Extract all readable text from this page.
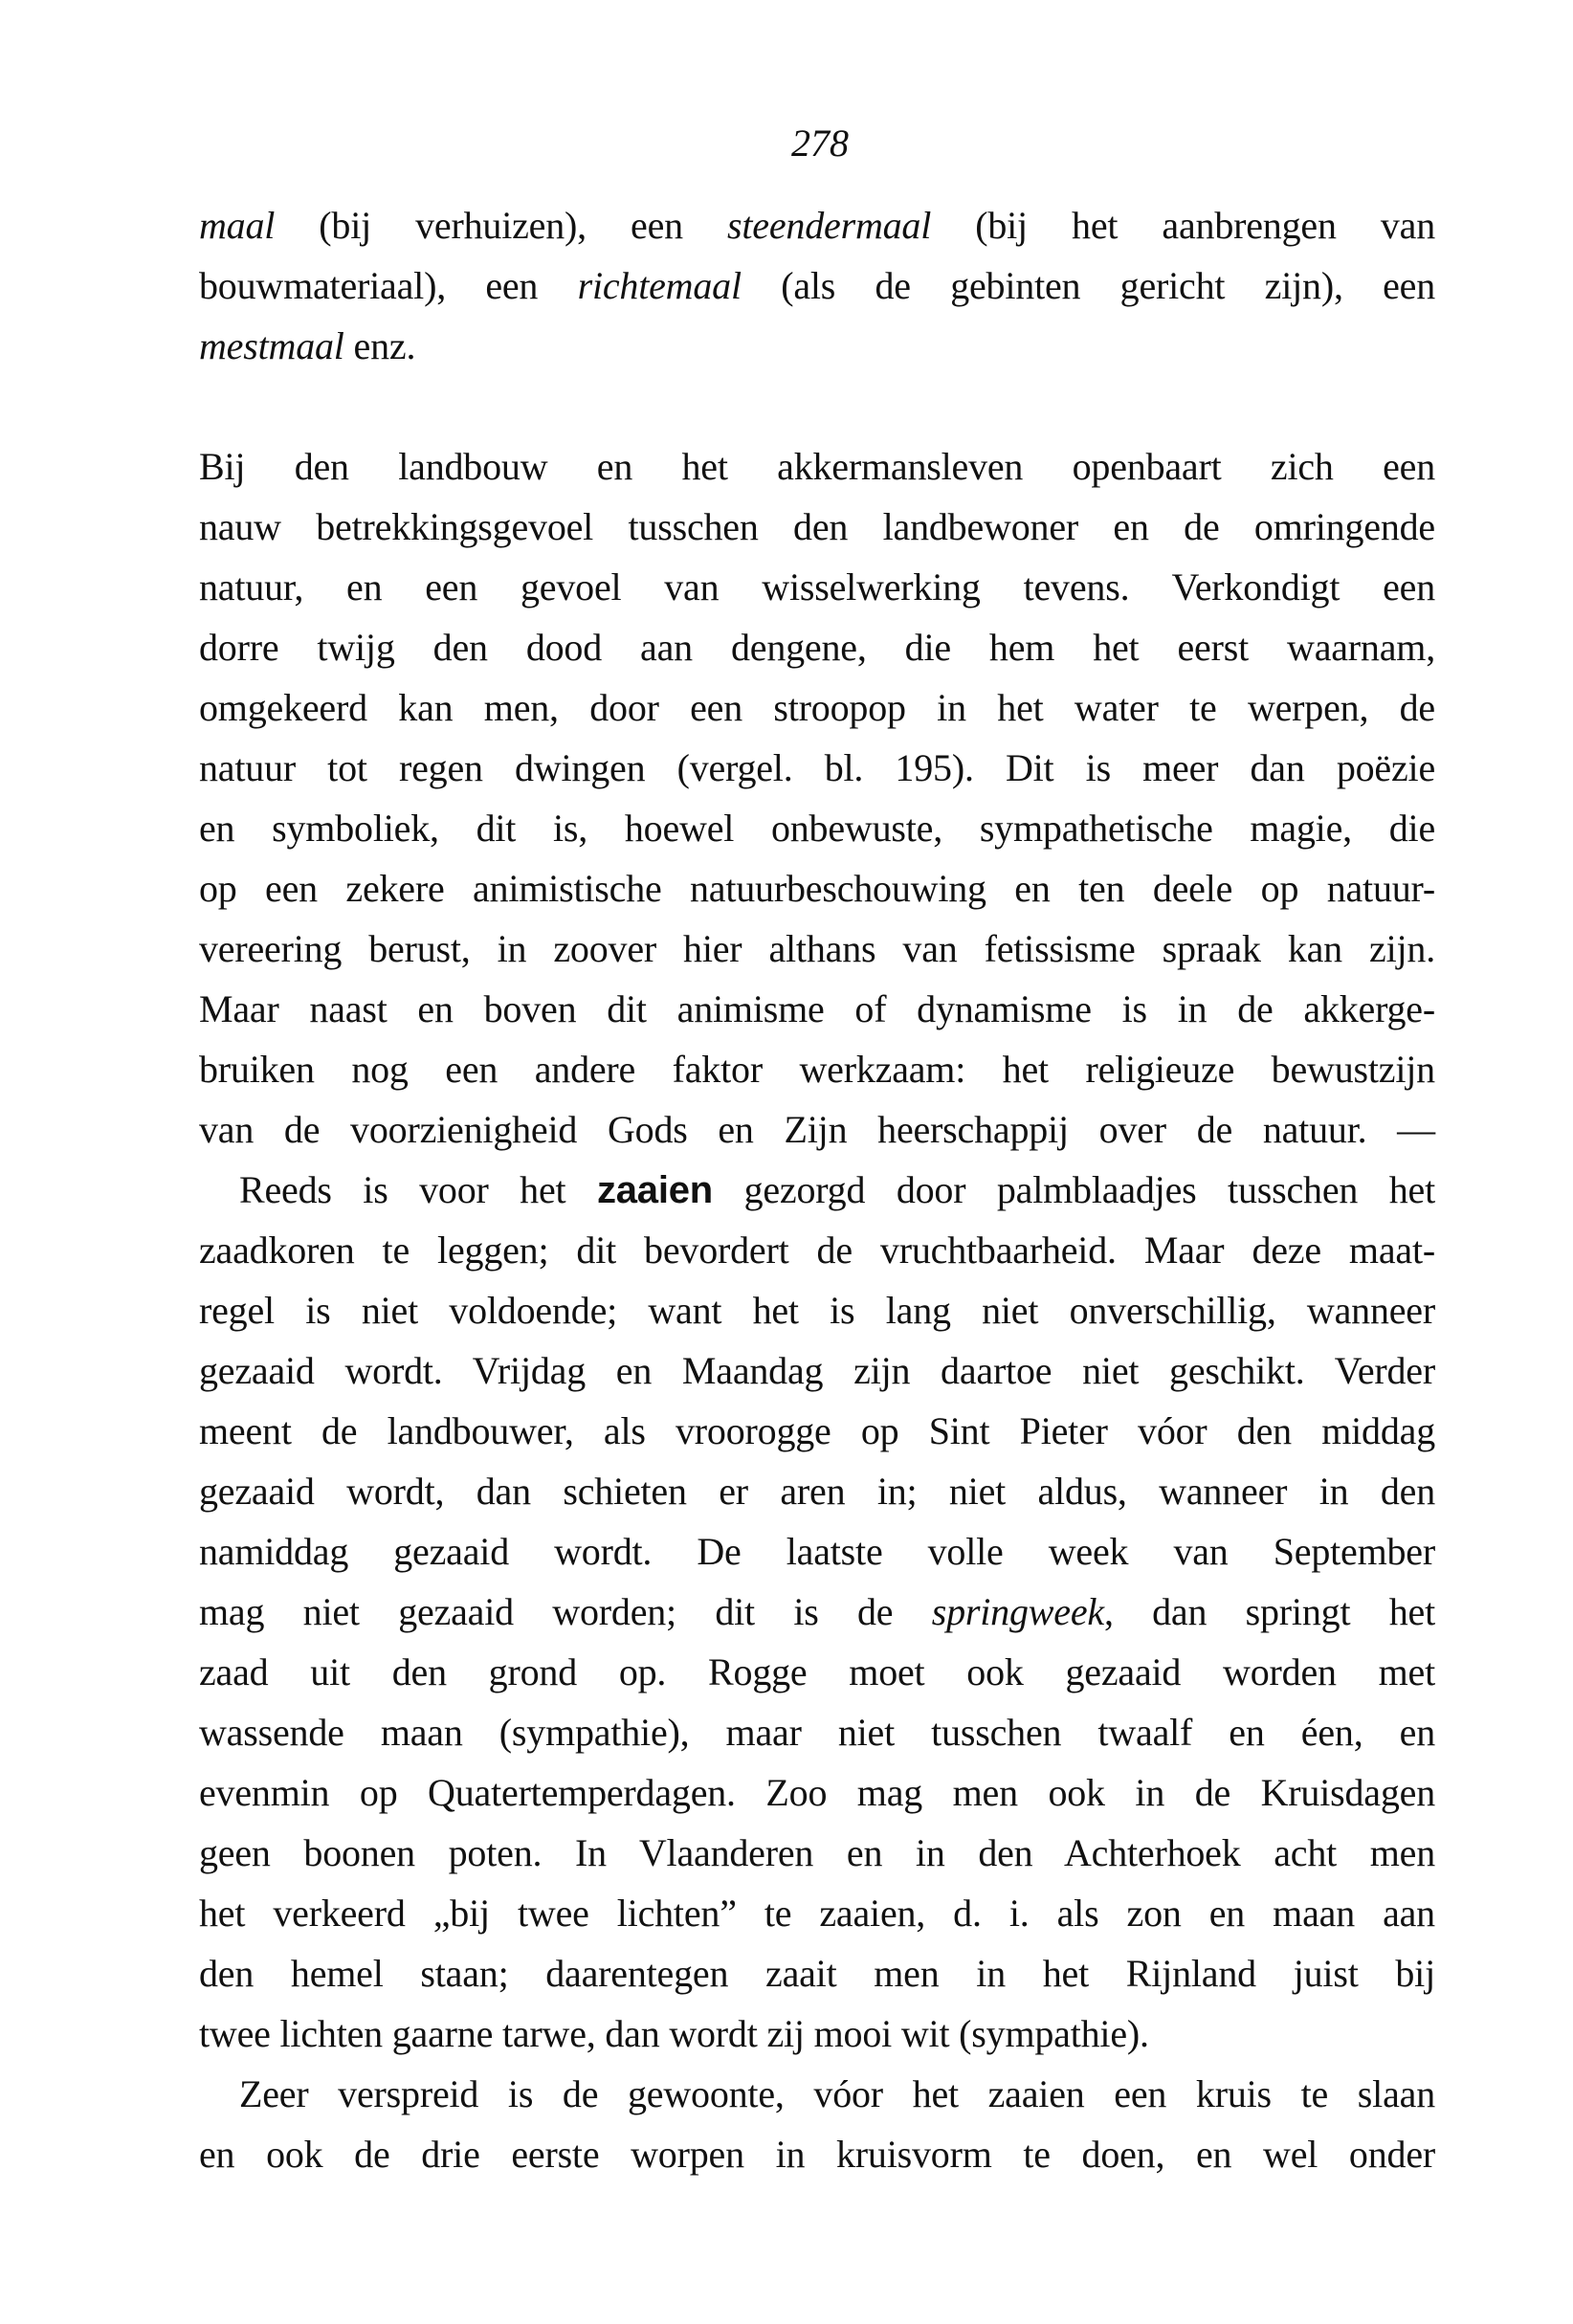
278
maal (bij verhuizen), een steendermaal (bij het aanbrengen van
bouwmateriaal), een richtemaal (als de gebinten gericht zijn), een
mestmaal enz.
Bij den landbouw en het akkermansleven openbaart zich een
nauw betrekkingsgevoel tusschen den landbewoner en de omringende
natuur, en een gevoel van wisselwerking tevens. Verkondigt een
dorre twijg den dood aan dengene, die hem het eerst waarnam,
omgekeerd kan men, door een stroopop in het water te werpen, de
natuur tot regen dwingen (vergel. bl. 195). Dit is meer dan poëzie
en symboliek, dit is, hoewel onbewuste, sympathetische magie, die
op een zekere animistische natuurbeschouwing en ten deele op natuur-
vereering berust, in zoover hier althans van fetissisme spraak kan zijn.
Maar naast en boven dit animisme of dynamisme is in de akkerge-
bruiken nog een andere faktor werkzaam: het religieuze bewustzijn
van de voorzienigheid Gods en Zijn heerschappij over de natuur. —
Reeds is voor het zaaien gezorgd door palmblaadjes tusschen het
zaadkoren te leggen; dit bevordert de vruchtbaarheid. Maar deze maat-
regel is niet voldoende; want het is lang niet onverschillig, wanneer
gezaaid wordt. Vrijdag en Maandag zijn daartoe niet geschikt. Verder
meent de landbouwer, als vroorogge op Sint Pieter vóor den middag
gezaaid wordt, dan schieten er aren in; niet aldus, wanneer in den
namiddag gezaaid wordt. De laatste volle week van September
mag niet gezaaid worden; dit is de springweek, dan springt het
zaad uit den grond op. Rogge moet ook gezaaid worden met
wassende maan (sympathie), maar niet tusschen twaalf en éen, en
evenmin op Quatertemperdagen. Zoo mag men ook in de Kruisdagen
geen boonen poten. In Vlaanderen en in den Achterhoek acht men
het verkeerd „bij twee lichten” te zaaien, d. i. als zon en maan aan
den hemel staan; daarentegen zaait men in het Rijnland juist bij
twee lichten gaarne tarwe, dan wordt zij mooi wit (sympathie).
Zeer verspreid is de gewoonte, vóor het zaaien een kruis te slaan
en ook de drie eerste worpen in kruisvorm te doen, en wel onder
